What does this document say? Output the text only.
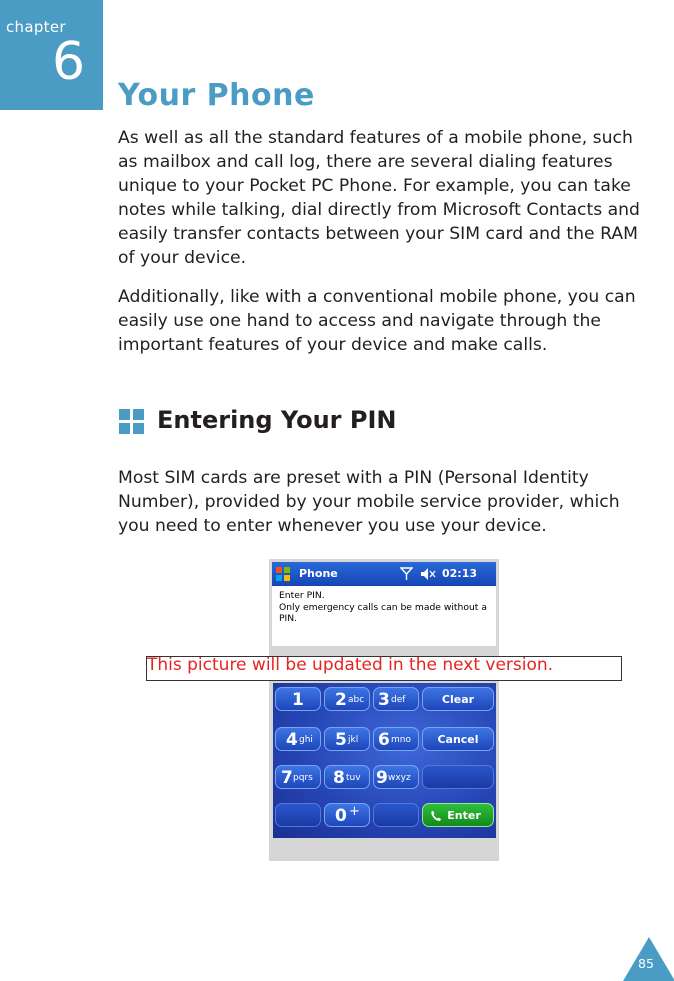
chapter
6
Your Phone

As well as all the standard features of a mobile phone, such as mailbox and call log, there are several dialing features unique to your Pocket PC Phone. For example, you can take notes while talking, dial directly from Microsoft Contacts and easily transfer contacts between your SIM card and the RAM of your device.

Additionally, like with a conventional mobile phone, you can easily use one hand to access and navigate through the important features of your device and make calls.

Entering Your PIN

Most SIM cards are preset with a PIN (Personal Identity Number), provided by your mobile service provider, which you need to enter whenever you use your device.

Phone	02:13
Enter PIN.
Only emergency calls can be made without a
PIN.
1 2 abc 3 def	Clear
4 ghi 5 jkl 6 mno	Cancel
7 pqrs 8 tuv 9 wxyz
0 +	Enter
This picture will be updated in the next version.
85
